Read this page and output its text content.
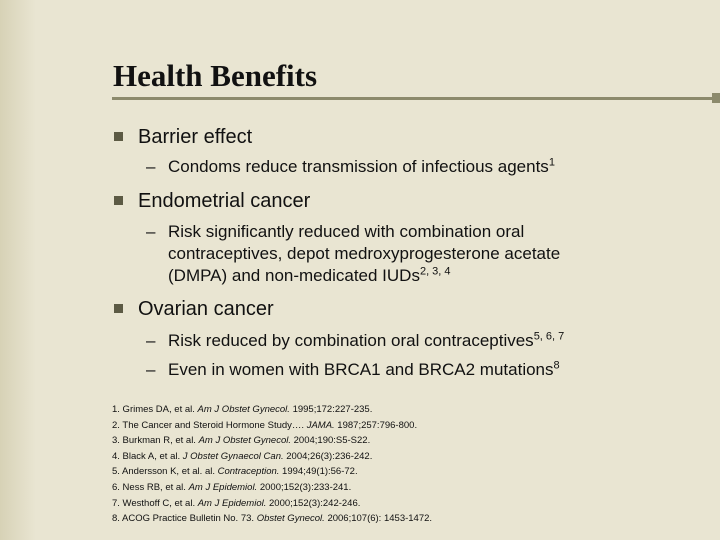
Health Benefits
Barrier effect
– Condoms reduce transmission of infectious agents$^1$
Endometrial cancer
– Risk significantly reduced with combination oral
contraceptives, depot medroxyprogesterone acetate
(DMPA) and non-medicated IUDs$^{2, 3, 4}$
Ovarian cancer
– Risk reduced by combination oral contraceptives$^{5, 6, 7}$
– Even in women with BRCA1 and BRCA2 mutations$^8$
1. Grimes DA, et al. Am J Obstet Gynecol. 1995;172:227-235.
2. The Cancer and Steroid Hormone Study…. JAMA. 1987;257:796-800.
3. Burkman R, et al. Am J Obstet Gynecol. 2004;190:S5-S22.
4. Black A, et al. J Obstet Gynaecol Can. 2004;26(3):236-242.
5. Andersson K, et al. al. Contraception. 1994;49(1):56-72.
6. Ness RB, et al. Am J Epidemiol. 2000;152(3):233-241.
7. Westhoff C, et al. Am J Epidemiol. 2000;152(3):242-246.
8. ACOG Practice Bulletin No. 73. Obstet Gynecol. 2006;107(6): 1453-1472.
